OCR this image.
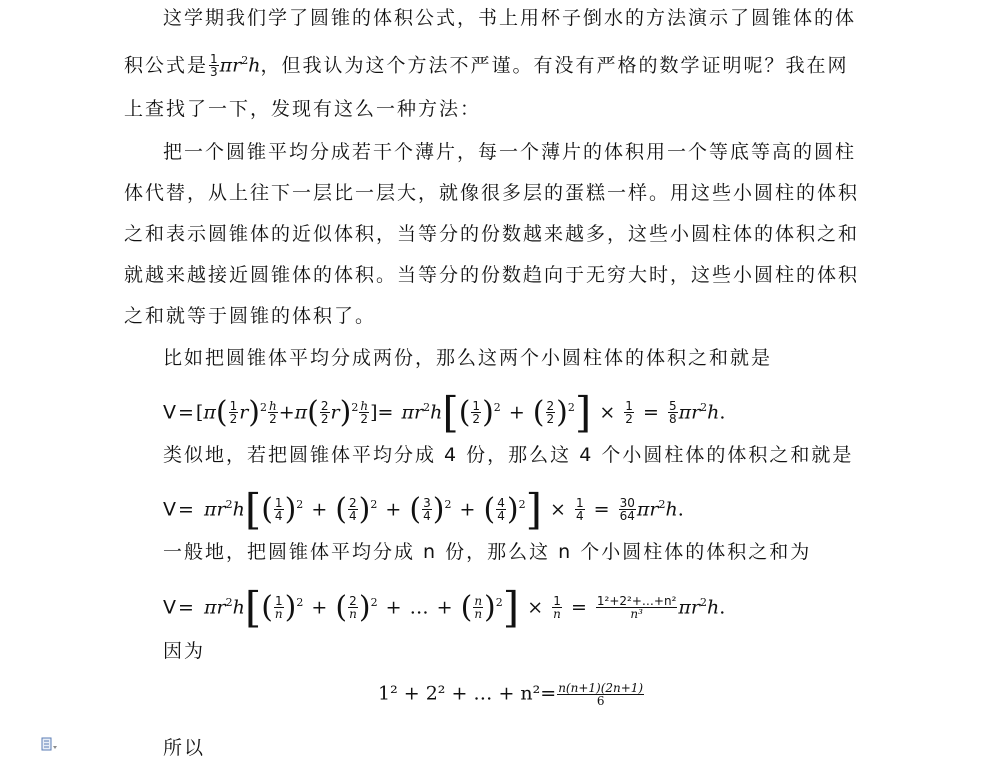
这学期我们学了圆锥的体积公式，书上用杯子倒水的方法演示了圆锥体的体
积公式是 $\frac{1}{3} \pi r^2h$，但我认为这个方法不严谨。有没有严格的数学证明呢？我在网
上查找了一下，发现有这么一种方法：
把一个圆锥平均分成若干个薄片，每一个薄片的体积用一个等底等高的圆柱
体代替，从上往下一层比一层大，就像很多层的蛋糕一样。用这些小圆柱的体积
之和表示圆锥体的近似体积，当等分的份数越来越多，这些小圆柱体的体积之和
就越来越接近圆锥体的体积。当等分的份数趋向于无穷大时，这些小圆柱的体积
之和就等于圆锥的体积了。
比如把圆锥体平均分成两份，那么这两个小圆柱体的体积之和就是
$V=[\pi( \frac{1}{2} r)^2 \frac{h}{2} +\pi( \frac{2}{2} r)^2 \frac{h}{2}$ ]= $\pi r^2h[( \frac{1}{2} )^2$ + ( $\frac{2}{2} )^2] \times \frac{1}{2} = \frac{5}{8} \pi r^2h$.
类似地，若把圆锥体平均分成 4 份，那么这 4 个小圆柱体的体积之和就是
$V= \pi r^2h[( \frac{1}{4} )^2$ + ( $\frac{2}{4} )^2$ + ( $\frac{3}{4} )^2$ + ( $\frac{4}{4} )^2] \times \frac{1}{4} = \frac{30}{64} \pi r^2h$.
一般地，把圆锥体平均分成 n 份，那么这 n 个小圆柱体的体积之和为
$V= \pi r^2h[( \frac{1}{n} )^2$ + ( $\frac{2}{n} )^2$ + … + ( $\frac{n}{n} )^2] \times \frac{1}{n} = \frac{\text{1²+2²+…+n²}}{\text{n³}} \pi r^2h$.
因为
1² + 2² + … + $n^2= \frac{n(n+1)(2n+1)}{6}$
所以
